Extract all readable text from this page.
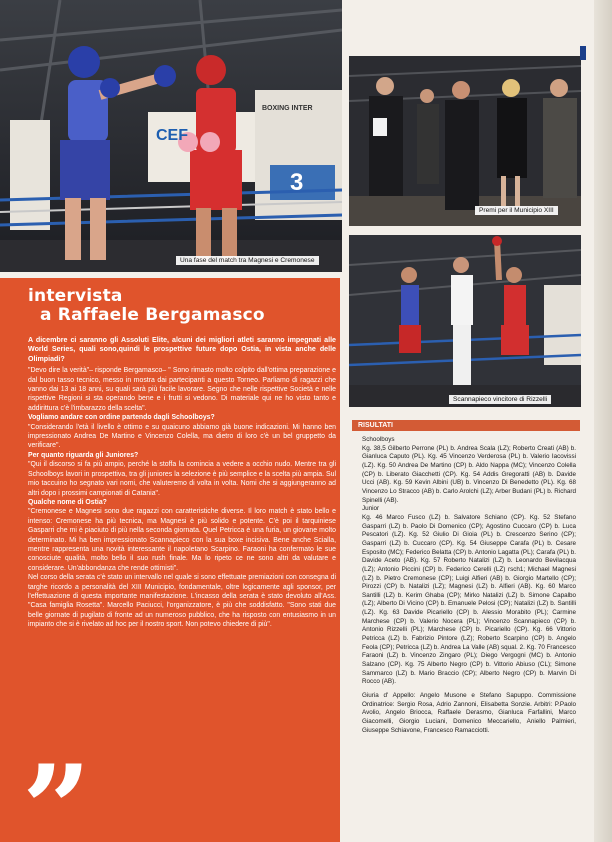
CEF
3
BOXING INTER
Una fase del match tra Magnesi e Cremonese
Premi per il Municipio XIII
Scannapieco vincitore di Rizzelli
intervista
a Raffaele Bergamasco

A dicembre ci saranno gli Assoluti Elite, alcuni dei migliori atleti saranno impegnati alle World Series, quali sono,quindi le prospettive future dopo Ostia, in vista anche delle Olimpiadi?

"Devo dire la verità"– risponde Bergamasco– " Sono rimasto molto colpito dall'ottima preparazione e dal buon tasso tecnico, messo in mostra dai partecipanti a questo Torneo. Parliamo di ragazzi che vanno dai 13 ai 18 anni, su quali sarà più facile lavorare. Segno che nelle rispettive Società e nelle rispettive Regioni si sta operando bene e i frutti si vedono. Di materiale qui ne ho visto tanto e addirittura c'è l'imbarazzo della scelta".

Vogliamo andare con ordine partendo dagli Schoolboys?

"Considerando l'età il livello è ottimo e su quaicuno abbiamo già buone indicazioni. Mi hanno ben impressionato Andrea De Martino e Vincenzo Colella, ma dietro di loro c'è un bel gruppetto da verificare".

Per quanto riguarda gli Juniores?

"Qui il discorso si fa più ampio, perché la stoffa la comincia a vedere a occhio nudo. Mentre tra gli Schoolboys lavori in prospettiva, tra gli juniores la selezione è più semplice e la scelta più ampia. Sul mio taccuino ho segnato vari nomi, che valuteremo di volta in volta. Nomi che si aggiungeranno ad altri dopo i prossimi campionati di Catania".

Qualche nome di Ostia?

"Cremonese e Magnesi sono due ragazzi con caratteristiche diverse. Il loro match è stato bello e intenso: Cremonese ha più tecnica, ma Magnesi è più solido e potente. C'è poi il tarquiniese Gasparri che mi è piaciuto di più nella seconda giornata. Quel Petricca è una furia, un giovane molto determinato. Mi ha ben impressionato Scannapieco con la sua boxe incisiva. Bene anche Scialla, mentre rappresenta una novità interessante il napoletano Scarpino. Faraoni ha confermato le sue conosciute qualità, molto bello il suo rush finale. Ma lo ripeto ce ne sono altri da valutare e considerare. Un'abbondanza che rende ottimisti".

Nel corso della serata c'è stato un intervallo nel quale si sono effettuate premiazioni con consegna di targhe ricordo a personalità del XIII Municipio, fondamentale, oltre logicamente agli sponsor, per l'effettuazione di questa importante manifestazione. L'incasso della serata è stato devoluto all'Ass. "Casa famiglia Rosetta". Marcello Paciucci, l'organizzatore, è più che soddisfatto. "Sono stati due belle giornate di pugilato di fronte ad un numeroso pubblico, che ha risposto con entusiasmo in un impianto che si è rivelato ad hoc per il nostro sport. Non potevo chiedere di più".

”
RISULTATI

Schoolboys

Kg. 38,5 Gilberto Perrone (PL) b. Andrea Scala (LZ); Roberto Creati (AB) b. Gianluca Caputo (PL). Kg. 45 Vincenzo Verderosa (PL) b. Valerio Iacovissi (LZ). Kg. 50 Andrea De Martino (CP) b. Aldo Nappa (MC); Vincenzo Colella (CP) b. Liberato Giacchetti (CP). Kg. 54 Addis Gregoratti (AB) b. Davide Ucci (AB). Kg. 59 Kevin Albini (UB) b. Vincenzo Di Benedetto (PL). Kg. 68 Vincenzo Lo Stracco (AB) b. Carlo Arolchi (LZ); Arber Budani (PL) b. Richard Spinelli (AB).

Junior

Kg. 46 Marco Fusco (LZ) b. Salvatore Schiano (CP). Kg. 52 Stefano Gasparri (LZ) b. Paolo Di Domenico (CP); Agostino Cuccaro (CP) b. Luca Pescatori (LZ). Kg. 52 Giulio Di Gioia (PL) b. Crescenzo Serino (CP); Gasparri (LZ) b. Cuccaro (CP). Kg. 54 Giuseppe Carafa (PL) b. Cesare Esposito (MC); Federico Belatta (CP) b. Antonio Lagatta (PL); Carafa (PL) b. Davide Aceto (AB). Kg. 57 Roberto Natalizi (LZ) b. Leonardo Bevilacqua (LZ); Antonio Piccini (CP) b. Federico Cerelli (LZ) rsch1; Michael Magnesi (LZ) b. Pietro Cremonese (CP); Luigi Alfieri (AB) b. Giorgio Martello (CP); Pirozzi (CP) b. Natalizi (LZ); Magnesi (LZ) b. Alfieri (AB). Kg. 60 Marco Santilli (LZ) b. Kerim Ghaba (CP); Mirko Natalizi (LZ) b. Simone Capalbo (LZ); Alberto Di Vicino (CP) b. Emanuele Pelosi (CP); Natalizi (LZ) b. Santilli (LZ). Kg. 63 Davide Picariello (CP) b. Alessio Morabito (PL); Carmine Marchese (CP) b. Valerio Nocera (PL); Vincenzo Scannapieco (CP) b. Antonio Rizzelli (PL); Marchese (CP) b. Picariello (CP). Kg. 66 Vittorio Petricca (LZ) b. Fabrizio Pintore (LZ); Roberto Scarpino (CP) b. Angelo Feola (CP); Petricca (LZ) b. Andrea La Valle (AB) squal. 2. Kg. 70 Francesco Faraoni (LZ) b. Vincenzo Zingaro (PL); Diego Vergogni (MC) b. Antonio Salzano (CP). Kg. 75 Alberto Negro (CP) b. Vittorio Abiuso (CL); Simone Sammarco (LZ) b. Mario Braccio (CP); Alberto Negro (CP) b. Marvin Di Rocco (AB).

Giuria d' Appello: Angelo Musone e Stefano Sapuppo. Commissione Ordinatrice: Sergio Rosa, Adrio Zannoni, Elisabetta Sonzie. Arbitri: P.Paolo Avolio, Angelo Briocca, Raffaele Derasmo, Gianluca Farfallini, Marco Giacomelli, Giorgio Luciani, Domenico Meccariello, Aniello Palmieri, Giuseppe Schiavone, Francesco Ramacciotti.
